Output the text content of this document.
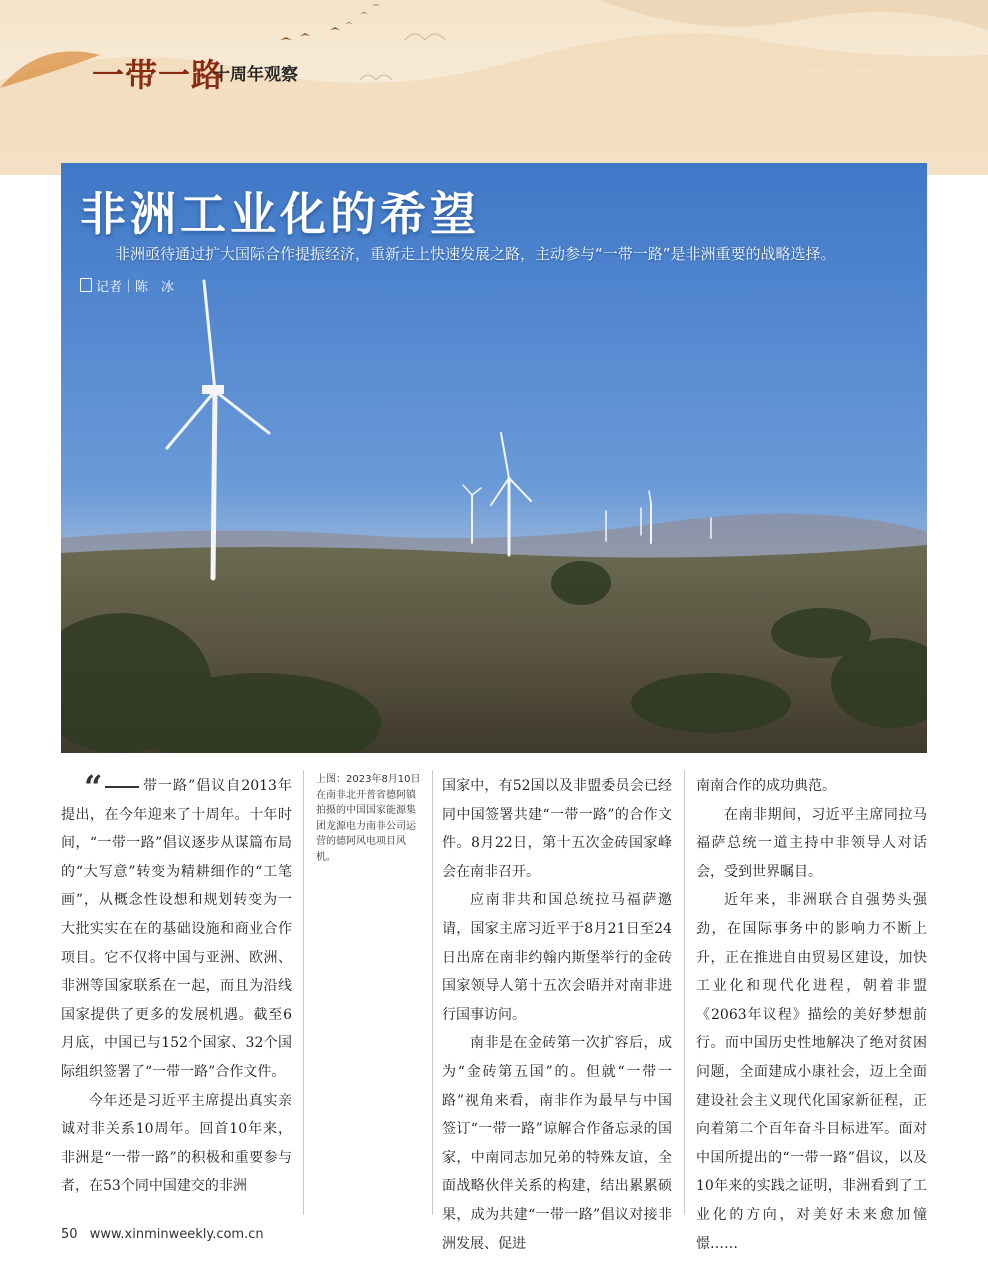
一带一路
十周年观察
非洲工业化的希望
非洲亟待通过扩大国际合作提振经济，重新走上快速发展之路，主动参与“一带一路”是非洲重要的战略选择。
记者｜陈　冰
“	带一路”倡议自2013年提出，在今年迎来了十周年。十年时间，“一带一路”倡议逐步从谋篇布局的“大写意”转变为精耕细作的“工笔画”，从概念性设想和规划转变为一大批实实在在的基础设施和商业合作项目。它不仅将中国与亚洲、欧洲、非洲等国家联系在一起，而且为沿线国家提供了更多的发展机遇。截至6月底，中国已与152个国家、32个国际组织签署了“一带一路”合作文件。

今年还是习近平主席提出真实亲诚对非关系10周年。回首10年来，非洲是“一带一路”的积极和重要参与者，在53个同中国建交的非洲

上图：2023年8月10日在南非北开普省德阿镇拍摄的中国国家能源集团龙源电力南非公司运营的德阿风电项目风机。

国家中，有52国以及非盟委员会已经同中国签署共建“一带一路”的合作文件。8月22日，第十五次金砖国家峰会在南非召开。

应南非共和国总统拉马福萨邀请，国家主席习近平于8月21日至24日出席在南非约翰内斯堡举行的金砖国家领导人第十五次会晤并对南非进行国事访问。

南非是在金砖第一次扩容后，成为“金砖第五国”的。但就“一带一路”视角来看，南非作为最早与中国签订“一带一路”谅解合作备忘录的国家，中南同志加兄弟的特殊友谊，全面战略伙伴关系的构建，结出累累硕果，成为共建“一带一路”倡议对接非洲发展、促进

南南合作的成功典范。

在南非期间，习近平主席同拉马福萨总统一道主持中非领导人对话会，受到世界瞩目。

近年来，非洲联合自强势头强劲，在国际事务中的影响力不断上升，正在推进自由贸易区建设，加快工业化和现代化进程，朝着非盟《2063年议程》描绘的美好梦想前行。而中国历史性地解决了绝对贫困问题，全面建成小康社会，迈上全面建设社会主义现代化国家新征程，正向着第二个百年奋斗目标进军。面对中国所提出的“一带一路”倡议，以及10年来的实践之证明，非洲看到了工业化的方向，对美好未来愈加憧憬……

50 www.xinminweekly.com.cn
